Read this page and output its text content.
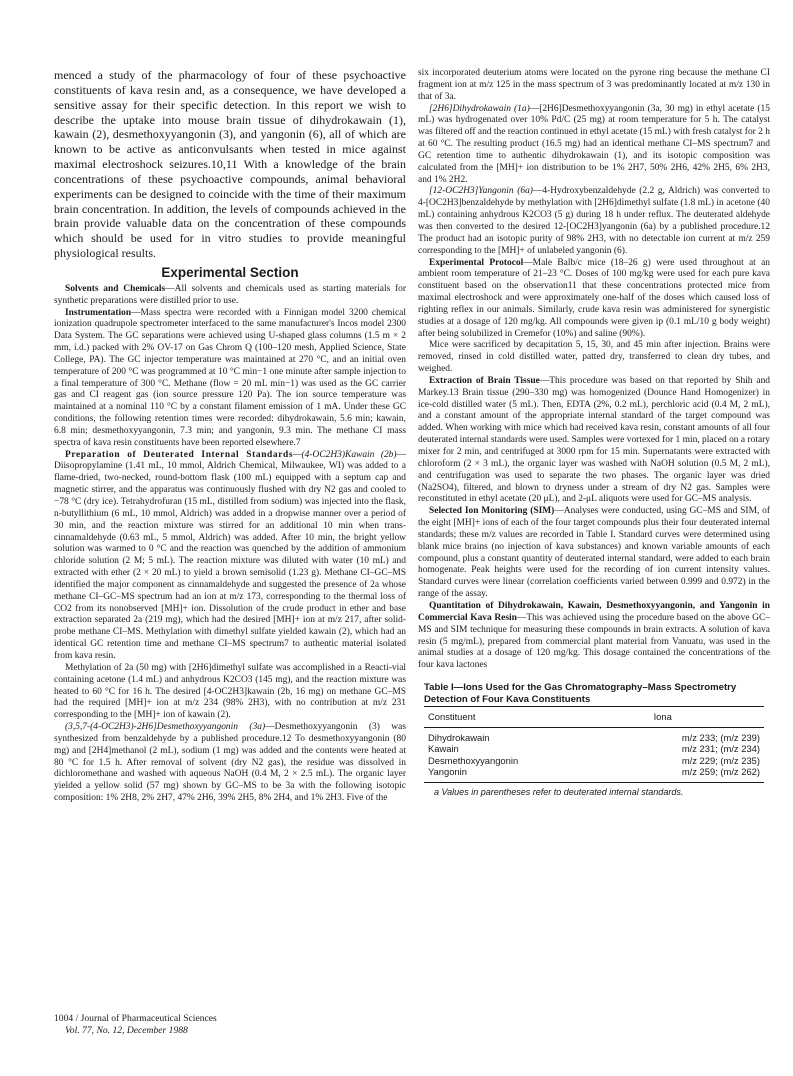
menced a study of the pharmacology of four of these psychoactive constituents of kava resin and, as a consequence, we have developed a sensitive assay for their specific detection. In this report we wish to describe the uptake into mouse brain tissue of dihydrokawain (1), kawain (2), desmethoxyyangonin (3), and yangonin (6), all of which are known to be active as anticonvulsants when tested in mice against maximal electroshock seizures.10,11 With a knowledge of the brain concentrations of these psychoactive compounds, animal behavioral experiments can be designed to coincide with the time of their maximum brain concentration. In addition, the levels of compounds achieved in the brain provide valuable data on the concentration of these compounds which should be used for in vitro studies to provide meaningful physiological results.

Experimental Section

Solvents and Chemicals—All solvents and chemicals used as starting materials for synthetic preparations were distilled prior to use.

Instrumentation—Mass spectra were recorded with a Finnigan model 3200 chemical ionization quadrupole spectrometer interfaced to the same manufacturer's Incos model 2300 Data System. The GC separations were achieved using U-shaped glass columns (1.5 m × 2 mm, i.d.) packed with 2% OV-17 on Gas Chrom Q (100–120 mesh, Applied Science, State College, PA). The GC injector temperature was maintained at 270 °C, and an initial oven temperature of 200 °C was programmed at 10 °C min−1 one minute after sample injection to a final temperature of 300 °C. Methane (flow = 20 mL min−1) was used as the GC carrier gas and CI reagent gas (ion source pressure 120 Pa). The ion source temperature was maintained at a nominal 110 °C by a constant filament emission of 1 mA. Under these GC conditions, the following retention times were recorded: dihydrokawain, 5.6 min; kawain, 6.8 min; desmethoxyyangonin, 7.3 min; and yangonin, 9.3 min. The methane CI mass spectra of kava resin constituents have been reported elsewhere.7

Preparation of Deuterated Internal Standards—(4-OC2H3)Kawain (2b)—Diisopropylamine (1.41 mL, 10 mmol, Aldrich Chemical, Milwaukee, WI) was added to a flame-dried, two-necked, round-bottom flask (100 mL) equipped with a septum cap and magnetic stirrer, and the apparatus was continuously flushed with dry N2 gas and cooled to −78 °C (dry ice). Tetrahydrofuran (15 mL, distilled from sodium) was injected into the flask, n-butyllithium (6 mL, 10 mmol, Aldrich) was added in a dropwise manner over a period of 30 min, and the reaction mixture was stirred for an additional 10 min when trans-cinnamaldehyde (0.63 mL, 5 mmol, Aldrich) was added. After 10 min, the bright yellow solution was warmed to 0 °C and the reaction was quenched by the addition of ammonium chloride solution (2 M; 5 mL). The reaction mixture was diluted with water (10 mL) and extracted with ether (2 × 20 mL) to yield a brown semisolid (1.23 g). Methane CI–GC–MS identified the major component as cinnamaldehyde and suggested the presence of 2a whose methane CI–GC–MS spectrum had an ion at m/z 173, corresponding to the thermal loss of CO2 from its nonobserved [MH]+ ion. Dissolution of the crude product in ether and base extraction separated 2a (219 mg), which had the desired [MH]+ ion at m/z 217, after solid-probe methane CI–MS. Methylation with dimethyl sulfate yielded kawain (2), which had an identical GC retention time and methane CI–MS spectrum7 to authentic material isolated from kava resin.

Methylation of 2a (50 mg) with [2H6]dimethyl sulfate was accomplished in a Reacti-vial containing acetone (1.4 mL) and anhydrous K2CO3 (145 mg), and the reaction mixture was heated to 60 °C for 16 h. The desired [4-OC2H3]kawain (2b, 16 mg) on methane GC–MS had the required [MH]+ ion at m/z 234 (98% 2H3), with no contribution at m/z 231 corresponding to the [MH]+ ion of kawain (2).

(3,5,7-(4-OC2H3)-2H6]Desmethoxyyangonin (3a)—Desmethoxyyangonin (3) was synthesized from benzaldehyde by a published procedure.12 To desmethoxyyangonin (80 mg) and [2H4]methanol (2 mL), sodium (1 mg) was added and the contents were heated at 80 °C for 1.5 h. After removal of solvent (dry N2 gas), the residue was dissolved in dichloromethane and washed with aqueous NaOH (0.4 M, 2 × 2.5 mL). The organic layer yielded a yellow solid (57 mg) shown by GC–MS to be 3a with the following isotopic composition: 1% 2H8, 2% 2H7, 47% 2H6, 39% 2H5, 8% 2H4, and 1% 2H3. Five of the

six incorporated deuterium atoms were located on the pyrone ring because the methane CI fragment ion at m/z 125 in the mass spectrum of 3 was predominantly located at m/z 130 in that of 3a.

[2H6]Dihydrokawain (1a)—[2H6]Desmethoxyyangonin (3a, 30 mg) in ethyl acetate (15 mL) was hydrogenated over 10% Pd/C (25 mg) at room temperature for 5 h. The catalyst was filtered off and the reaction continued in ethyl acetate (15 mL) with fresh catalyst for 2 h at 60 °C. The resulting product (16.5 mg) had an identical methane CI–MS spectrum7 and GC retention time to authentic dihydrokawain (1), and its isotopic composition was calculated from the [MH]+ ion distribution to be 1% 2H7, 50% 2H6, 42% 2H5, 6% 2H3, and 1% 2H2.

[12-OC2H3]Yangonin (6a)—4-Hydroxybenzaldehyde (2.2 g, Aldrich) was converted to 4-[OC2H3]benzaldehyde by methylation with [2H6]dimethyl sulfate (1.8 mL) in acetone (40 mL) containing anhydrous K2CO3 (5 g) during 18 h under reflux. The deuterated aldehyde was then converted to the desired 12-[OC2H3]yangonin (6a) by a published procedure.12 The product had an isotopic purity of 98% 2H3, with no detectable ion current at m/z 259 corresponding to the [MH]+ of unlabeled yangonin (6).

Experimental Protocol—Male Balb/c mice (18–26 g) were used throughout at an ambient room temperature of 21–23 °C. Doses of 100 mg/kg were used for each pure kava constituent based on the observation11 that these concentrations protected mice from maximal electroshock and were approximately one-half of the doses which caused loss of righting reflex in our animals. Similarly, crude kava resin was administered for synergistic studies at a dosage of 120 mg/kg. All compounds were given ip (0.1 mL/10 g body weight) after being solubilized in Cremefor (10%) and saline (90%).

Mice were sacrificed by decapitation 5, 15, 30, and 45 min after injection. Brains were removed, rinsed in cold distilled water, patted dry, transferred to clean dry tubes, and weighed.

Extraction of Brain Tissue—This procedure was based on that reported by Shih and Markey.13 Brain tissue (290–330 mg) was homogenized (Dounce Hand Homogenizer) in ice-cold distilled water (5 mL). Then, EDTA (2%, 0.2 mL), perchloric acid (0.4 M, 2 mL), and a constant amount of the appropriate internal standard of the target compound was added. When working with mice which had received kava resin, constant amounts of all four deuterated internal standards were used. Samples were vortexed for 1 min, placed on a rotary mixer for 2 min, and centrifuged at 3000 rpm for 15 min. Supernatants were extracted with chloroform (2 × 3 mL), the organic layer was washed with NaOH solution (0.5 M, 2 mL), and centrifugation was used to separate the two phases. The organic layer was dried (Na2SO4), filtered, and blown to dryness under a stream of dry N2 gas. Samples were reconstituted in ethyl acetate (20 μL), and 2-μL aliquots were used for GC–MS analysis.

Selected Ion Monitoring (SIM)—Analyses were conducted, using GC–MS and SIM, of the eight [MH]+ ions of each of the four target compounds plus their four deuterated internal standards; these m/z values are recorded in Table I. Standard curves were determined using blank mice brains (no injection of kava substances) and known variable amounts of each compound, plus a constant quantity of deuterated internal standard, were added to each brain homogenate. Peak heights were used for the recording of ion current intensity values. Standard curves were linear (correlation coefficients varied between 0.999 and 0.972) in the range of the assay.

Quantitation of Dihydrokawain, Kawain, Desmethoxyyangonin, and Yangonin in Commercial Kava Resin—This was achieved using the procedure based on the above GC–MS and SIM technique for measuring these compounds in brain extracts. A solution of kava resin (5 mg/mL), prepared from commercial plant material from Vanuatu, was used in the animal studies at a dosage of 120 mg/kg. This dosage contained the concentrations of the four kava lactones

Table I—Ions Used for the Gas Chromatography–Mass Spectrometry Detection of Four Kava Constituents
Constituent	Iona
Dihydrokawain	m/z 233; (m/z 239)
Kawain	m/z 231; (m/z 234)
Desmethoxyyangonin	m/z 229; (m/z 235)
Yangonin	m/z 259; (m/z 262)
a Values in parentheses refer to deuterated internal standards.
1004 / Journal of Pharmaceutical Sciences
Vol. 77, No. 12, December 1988
